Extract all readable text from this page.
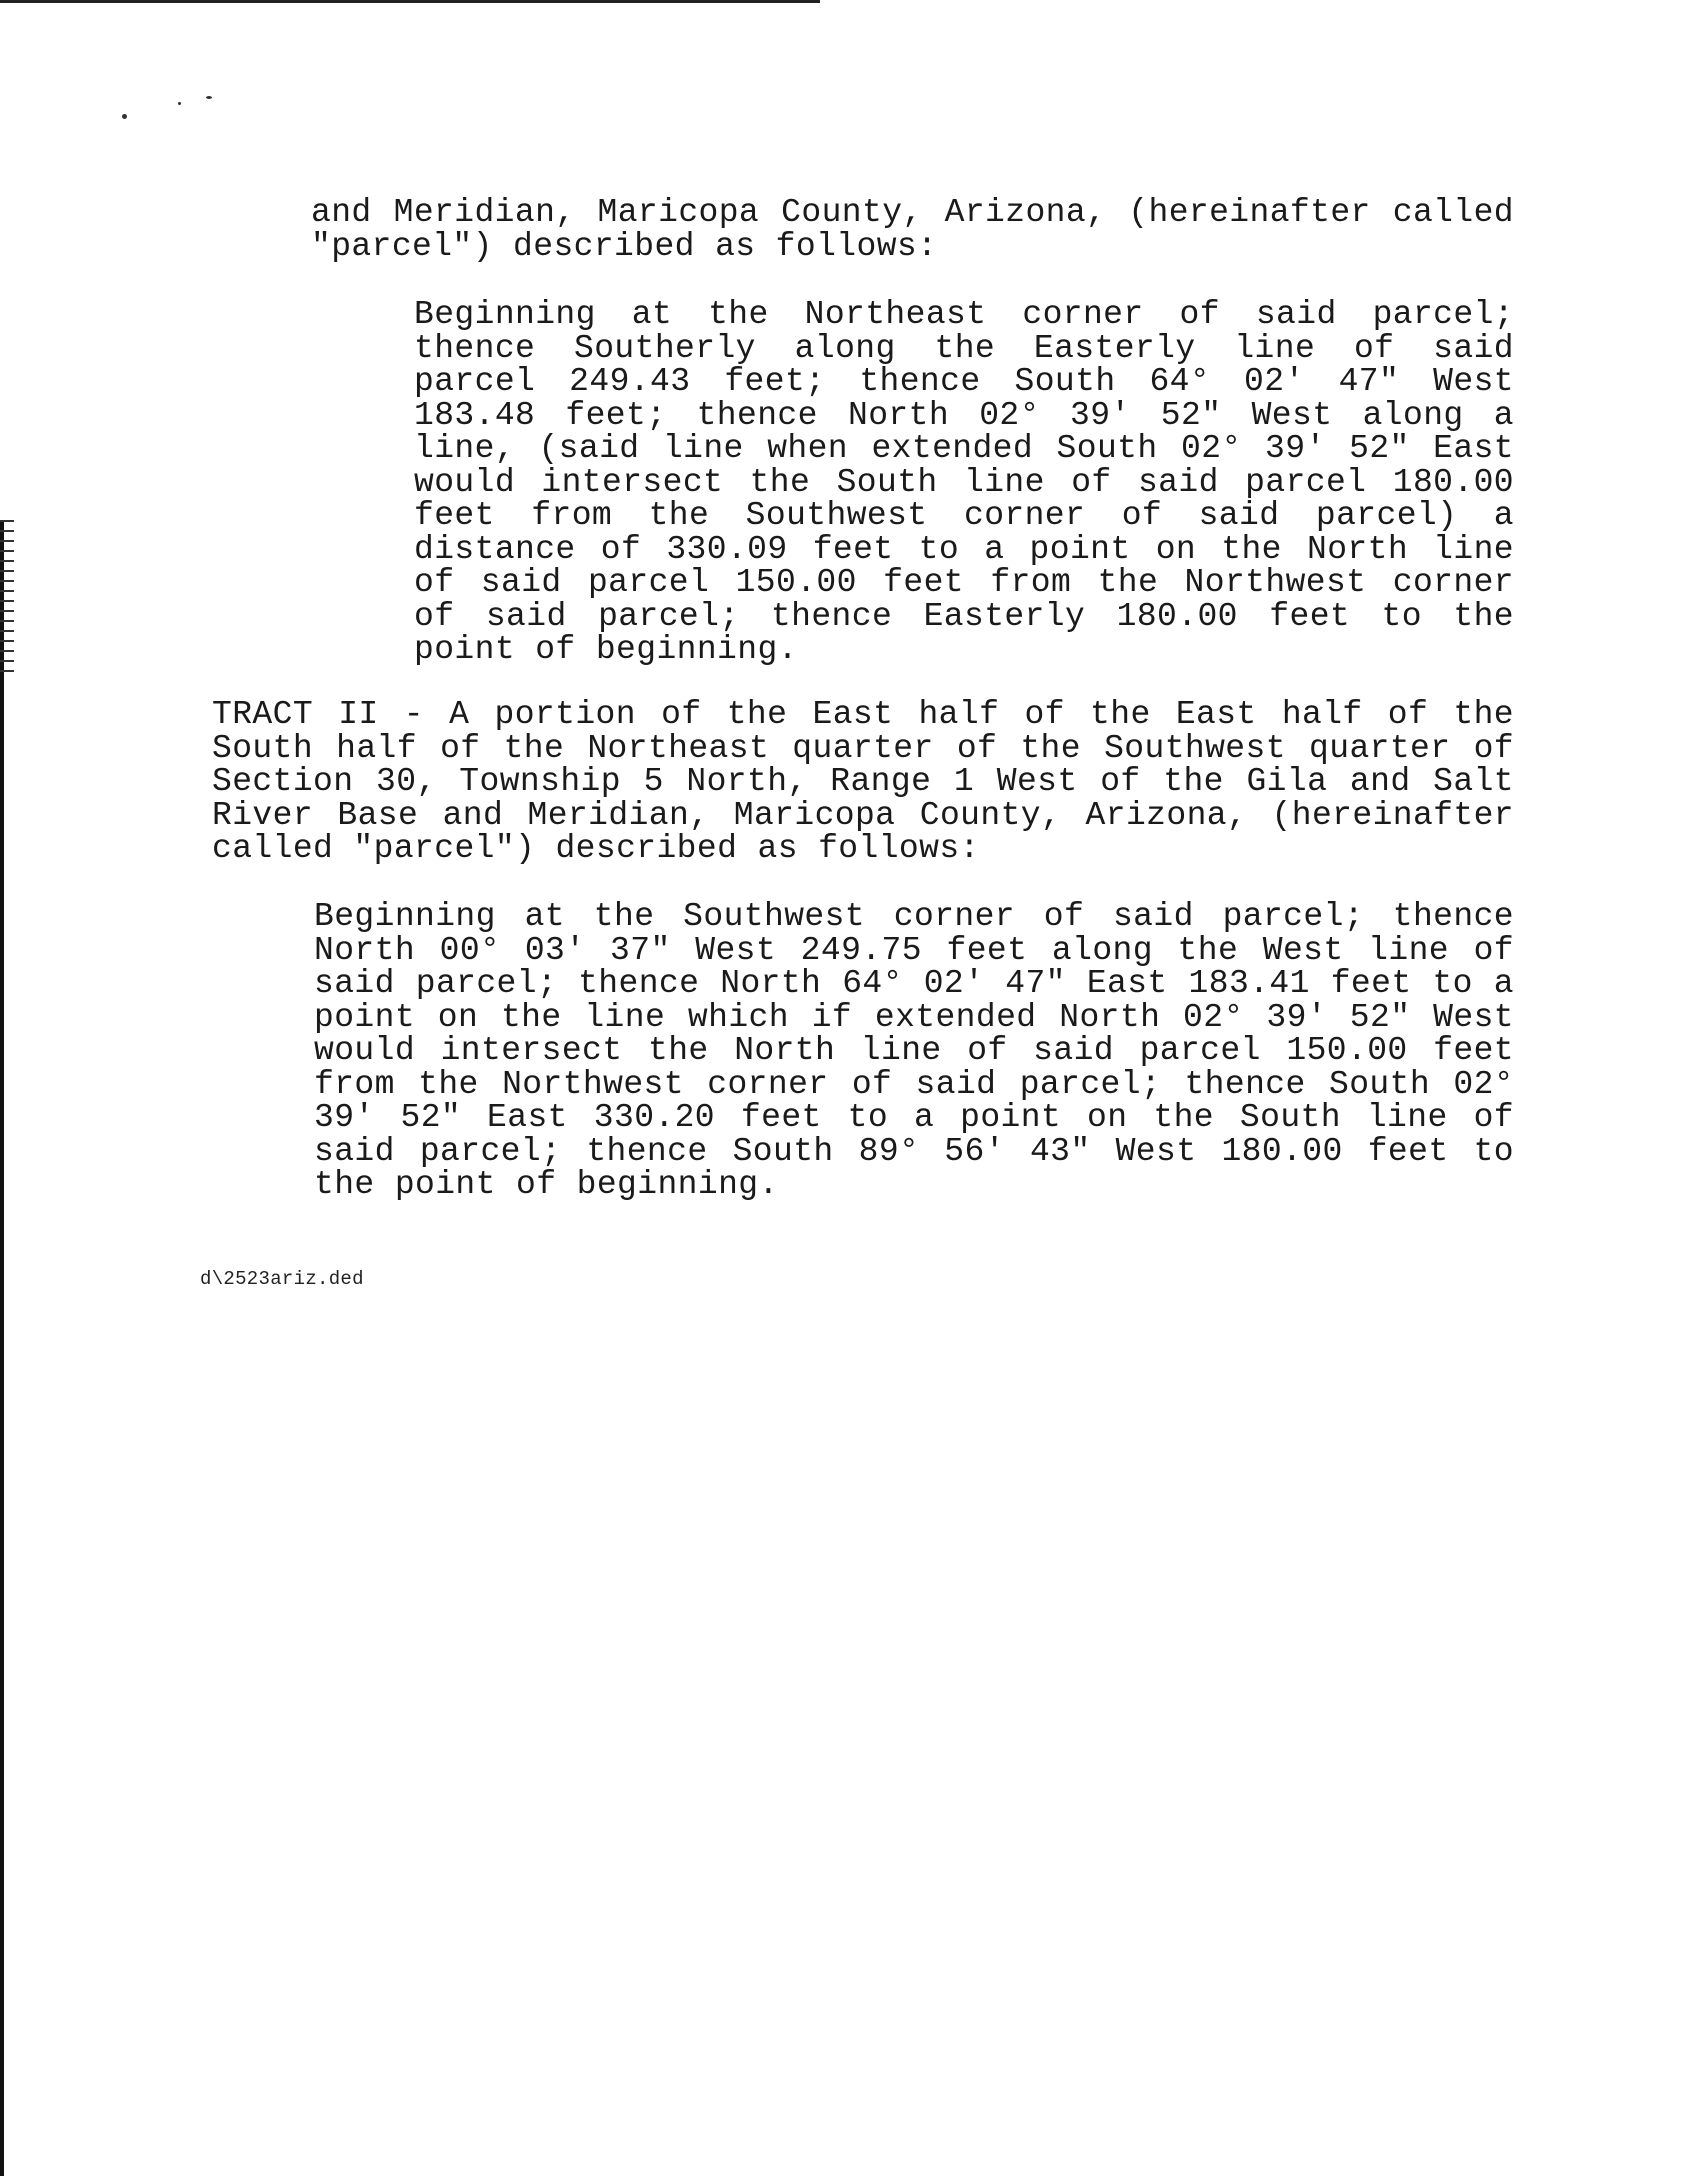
and Meridian, Maricopa County, Arizona, (hereinafter called "parcel") described as follows:

Beginning at the Northeast corner of said parcel; thence Southerly along the Easterly line of said parcel 249.43 feet; thence South 64° 02′ 47" West 183.48 feet; thence North 02° 39′ 52" West along a line, (said line when extended South 02° 39′ 52" East would intersect the South line of said parcel 180.00 feet from the Southwest corner of said parcel) a distance of 330.09 feet to a point on the North line of said parcel 150.00 feet from the Northwest corner of said parcel; thence Easterly 180.00 feet to the point of beginning.

TRACT II - A portion of the East half of the East half of the South half of the Northeast quarter of the Southwest quarter of Section 30, Township 5 North, Range 1 West of the Gila and Salt River Base and Meridian, Maricopa County, Arizona, (hereinafter called "parcel") described as follows:

Beginning at the Southwest corner of said parcel; thence North 00° 03′ 37" West 249.75 feet along the West line of said parcel; thence North 64° 02′ 47" East 183.41 feet to a point on the line which if extended North 02° 39′ 52" West would intersect the North line of said parcel 150.00 feet from the Northwest corner of said parcel; thence South 02° 39′ 52" East 330.20 feet to a point on the South line of said parcel; thence South 89° 56′ 43" West 180.00 feet to the point of beginning.

d\2523ariz.ded
